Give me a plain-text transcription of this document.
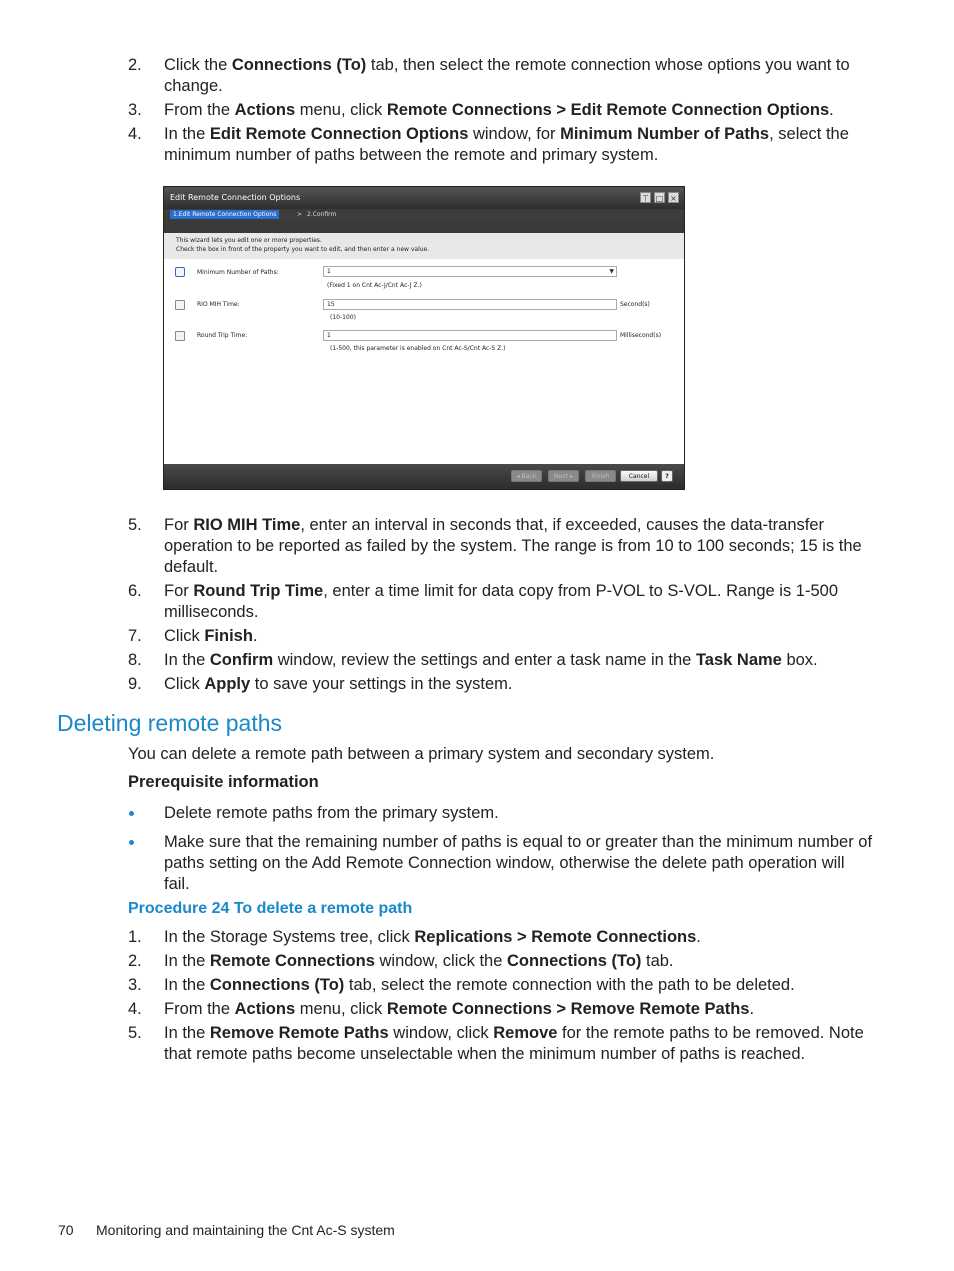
2. Click the Connections (To) tab, then select the remote connection whose options you want to change.
3. From the Actions menu, click Remote Connections > Edit Remote Connection Options.
4. In the Edit Remote Connection Options window, for Minimum Number of Paths, select the minimum number of paths between the remote and primary system.
Edit Remote Connection Options	⊤ □ ×
1.Edit Remote Connection Options	> 2.Confirm
This wizard lets you edit one or more properties.
Check the box in front of the property you want to edit, and then enter a new value.
Minimum Number of Paths:	1	▼
(Fixed 1 on Cnt Ac-J/Cnt Ac-J Z.)
RIO MIH Time:	15	Second(s)
(10-100)
Round Trip Time:	1	Millisecond(s)
(1-500, this parameter is enabled on Cnt Ac-S/Cnt Ac-S Z.)
◂ Back	Next ▸	Finish	Cancel	?
5. For RIO MIH Time, enter an interval in seconds that, if exceeded, causes the data-transfer operation to be reported as failed by the system. The range is from 10 to 100 seconds; 15 is the default.
6. For Round Trip Time, enter a time limit for data copy from P-VOL to S-VOL. Range is 1-500 milliseconds.
7. Click Finish.
8. In the Confirm window, review the settings and enter a task name in the Task Name box.
9. Click Apply to save your settings in the system.
Deleting remote paths
You can delete a remote path between a primary system and secondary system.
Prerequisite information
Delete remote paths from the primary system.
Make sure that the remaining number of paths is equal to or greater than the minimum number of paths setting on the Add Remote Connection window, otherwise the delete path operation will fail.
Procedure 24 To delete a remote path
1. In the Storage Systems tree, click Replications > Remote Connections.
2. In the Remote Connections window, click the Connections (To) tab.
3. In the Connections (To) tab, select the remote connection with the path to be deleted.
4. From the Actions menu, click Remote Connections > Remove Remote Paths.
5. In the Remove Remote Paths window, click Remove for the remote paths to be removed. Note that remote paths become unselectable when the minimum number of paths is reached.
70 Monitoring and maintaining the Cnt Ac-S system
